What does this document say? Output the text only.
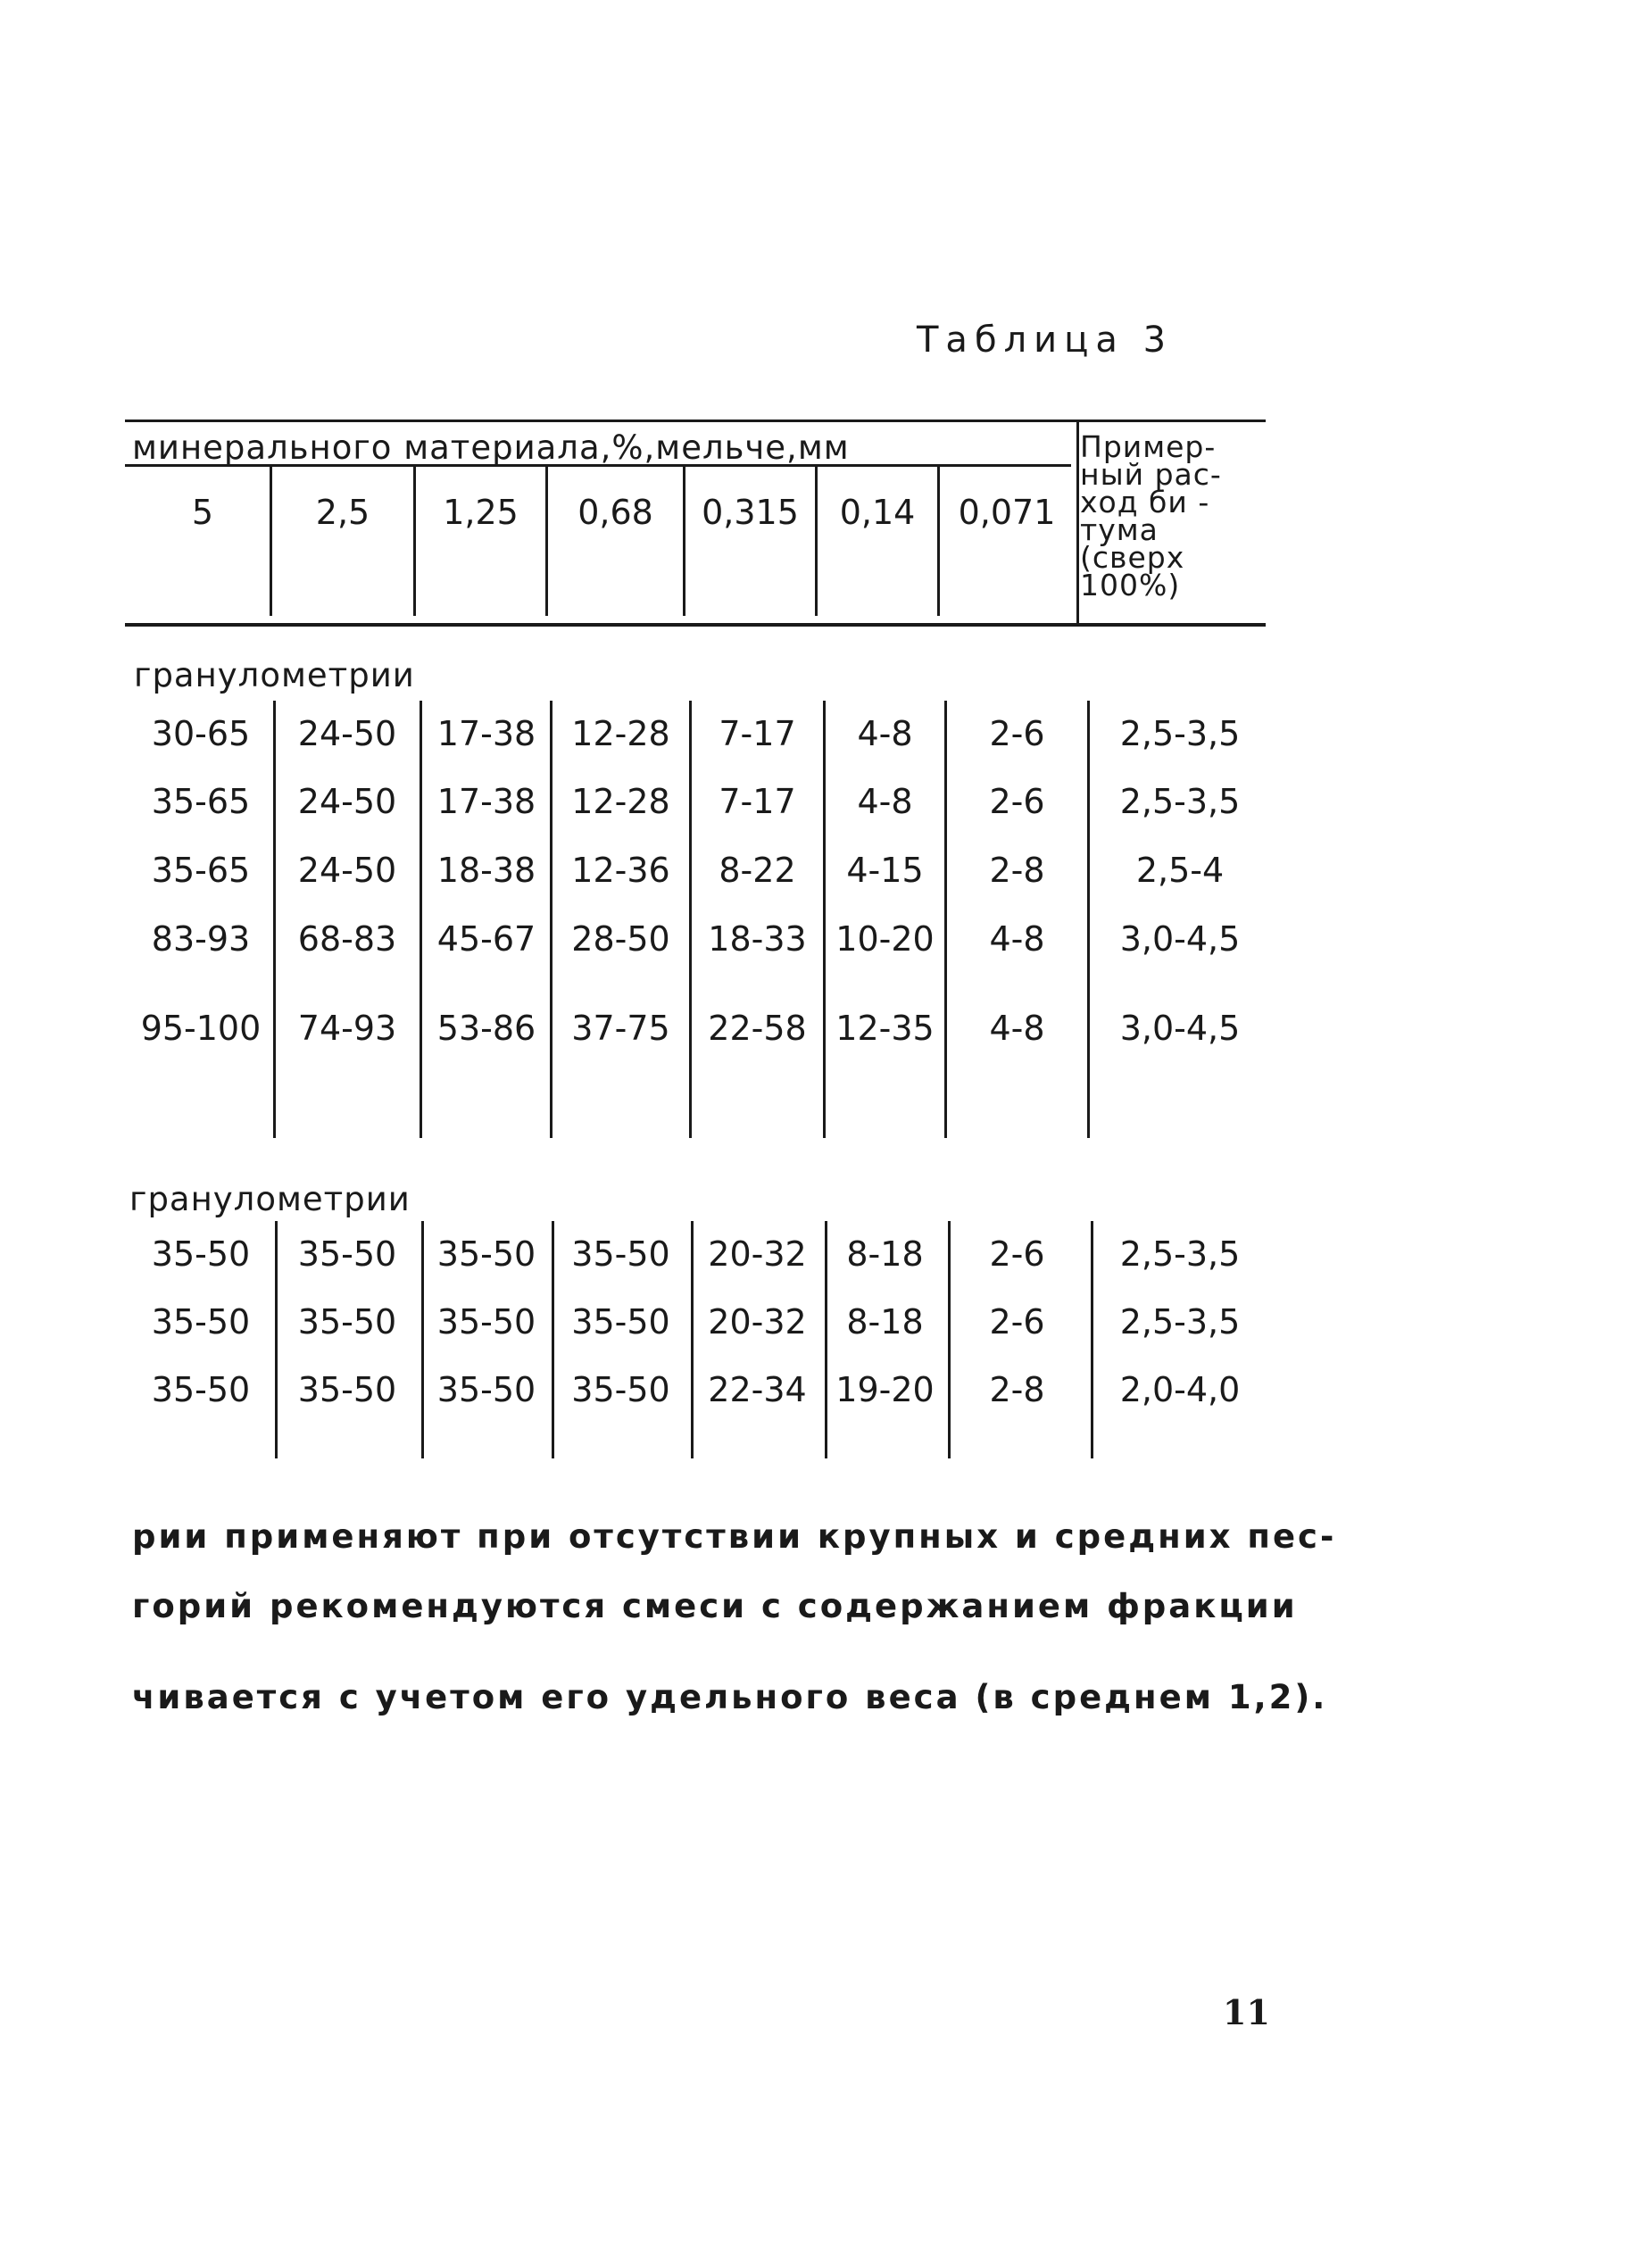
Таблица 3
минерального материала,%,мельче,мм
5	2,5	1,25	0,68	0,315	0,14	0,071
Пример-
ный рас-
ход би -
тума
(сверх
100%)
гранулометрии
гранулометрии
30-65	24-50	17-38	12-28	7-17	4-8	2-6	2,5-3,5
35-65	24-50	17-38	12-28	7-17	4-8	2-6	2,5-3,5
35-65	24-50	18-38	12-36	8-22	4-15	2-8	2,5-4
83-93	68-83	45-67	28-50	18-33 10-20	4-8	3,0-4,5
95-100	74-93	53-86	37-75	22-58 12-35	4-8	3,0-4,5
35-50	35-50	35-50	35-50	20-32	8-18	2-6	2,5-3,5
35-50	35-50	35-50	35-50	20-32	8-18	2-6	2,5-3,5
35-50	35-50	35-50	35-50	22-34 19-20	2-8	2,0-4,0
рии применяют при отсутствии крупных и средних пес-
горий рекомендуются смеси с содержанием фракции
чивается с учетом его удельного веса (в среднем 1,2).
11
